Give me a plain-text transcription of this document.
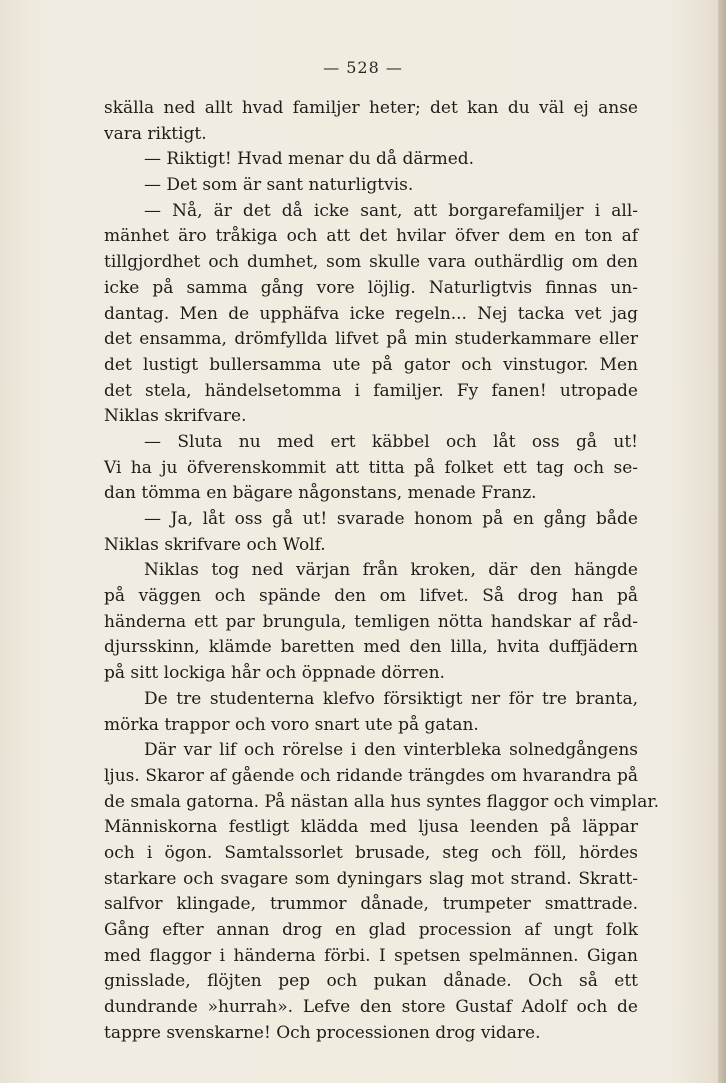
— 528 —
skälla ned allt hvad familjer heter; det kan du väl ej anse
vara riktigt.
— Riktigt! Hvad menar du då därmed.
— Det som är sant naturligtvis.
— Nå, är det då icke sant, att borgarefamiljer i all-
mänhet äro tråkiga och att det hvilar öfver dem en ton af
tillgjordhet och dumhet, som skulle vara outhärdlig om den
icke på samma gång vore löjlig. Naturligtvis finnas un-
dantag. Men de upphäfva icke regeln... Nej tacka vet jag
det ensamma, drömfyllda lifvet på min studerkammare eller
det lustigt bullersamma ute på gator och vinstugor. Men
det stela, händelsetomma i familjer. Fy fanen! utropade
Niklas skrifvare.
— Sluta nu med ert käbbel och låt oss gå ut!
Vi ha ju öfverenskommit att titta på folket ett tag och se-
dan tömma en bägare någonstans, menade Franz.
— Ja, låt oss gå ut! svarade honom på en gång både
Niklas skrifvare och Wolf.
Niklas tog ned värjan från kroken, där den hängde
på väggen och spände den om lifvet. Så drog han på
händerna ett par brungula, temligen nötta handskar af råd-
djursskinn, klämde baretten med den lilla, hvita duffjädern
på sitt lockiga hår och öppnade dörren.
De tre studenterna klefvo försiktigt ner för tre branta,
mörka trappor och voro snart ute på gatan.
Där var lif och rörelse i den vinterbleka solnedgångens
ljus. Skaror af gående och ridande trängdes om hvarandra på
de smala gatorna. På nästan alla hus syntes flaggor och vimplar.
Människorna festligt klädda med ljusa leenden på läppar
och i ögon. Samtalssorlet brusade, steg och föll, hördes
starkare och svagare som dyningars slag mot strand. Skratt-
salfvor klingade, trummor dånade, trumpeter smattrade.
Gång efter annan drog en glad procession af ungt folk
med flaggor i händerna förbi. I spetsen spelmännen. Gigan
gnisslade, flöjten pep och pukan dånade. Och så ett
dundrande »hurrah». Lefve den store Gustaf Adolf och de
tappre svenskarne! Och processionen drog vidare.
